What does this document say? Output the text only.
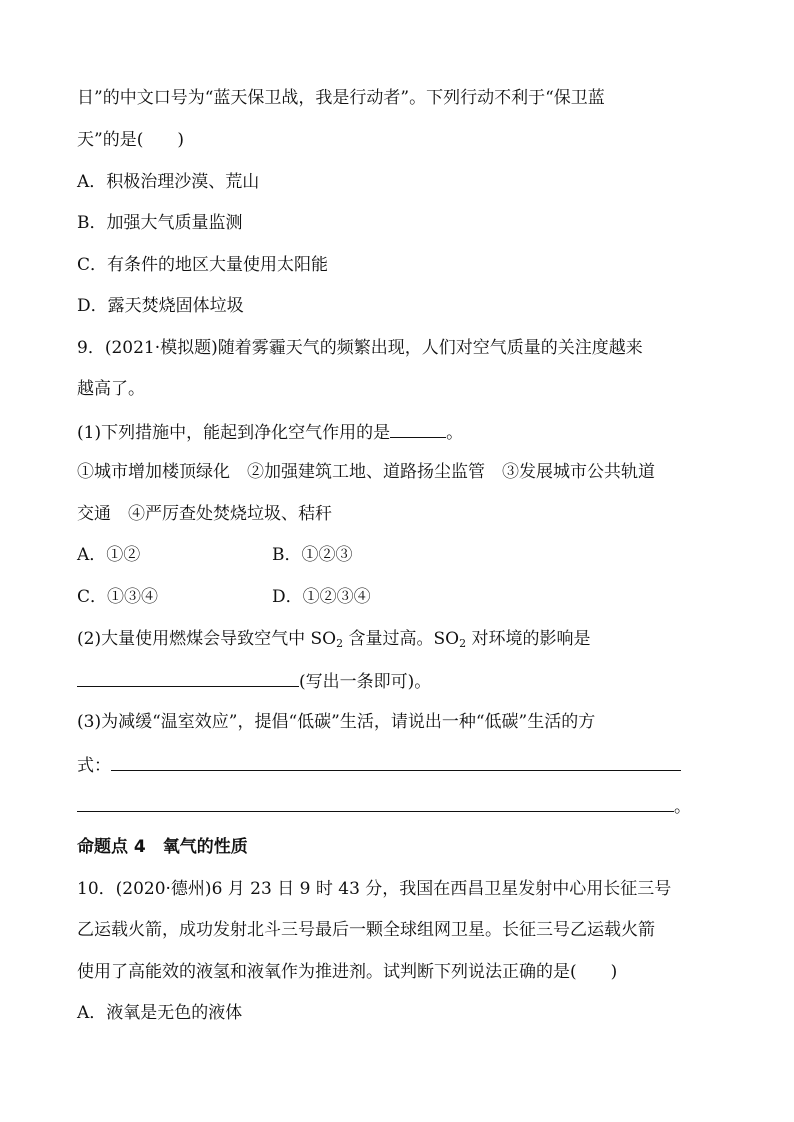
日”的中文口号为“蓝天保卫战，我是行动者”。下列行动不利于“保卫蓝
天”的是(　　)
A．积极治理沙漠、荒山
B．加强大气质量监测
C．有条件的地区大量使用太阳能
D．露天焚烧固体垃圾
9．(2021·模拟题)随着雾霾天气的频繁出现，人们对空气质量的关注度越来
越高了。
(1)下列措施中，能起到净化空气作用的是	。
①城市增加楼顶绿化　②加强建筑工地、道路扬尘监管　③发展城市公共轨道
交通　④严厉查处焚烧垃圾、秸秆
A．①②	B．①②③
C．①③④	D．①②③④
(2)大量使用燃煤会导致空气中 $SO_2$ 含量过高。$SO_2$ 对环境的影响是
(写出一条即可)。
(3)为减缓“温室效应”，提倡“低碳”生活，请说出一种“低碳”生活的方
式：
。
命题点 4　氧气的性质
10．(2020·德州)6 月 23 日 9 时 43 分，我国在西昌卫星发射中心用长征三号
乙运载火箭，成功发射北斗三号最后一颗全球组网卫星。长征三号乙运载火箭
使用了高能效的液氢和液氧作为推进剂。试判断下列说法正确的是(　　)
A．液氧是无色的液体
